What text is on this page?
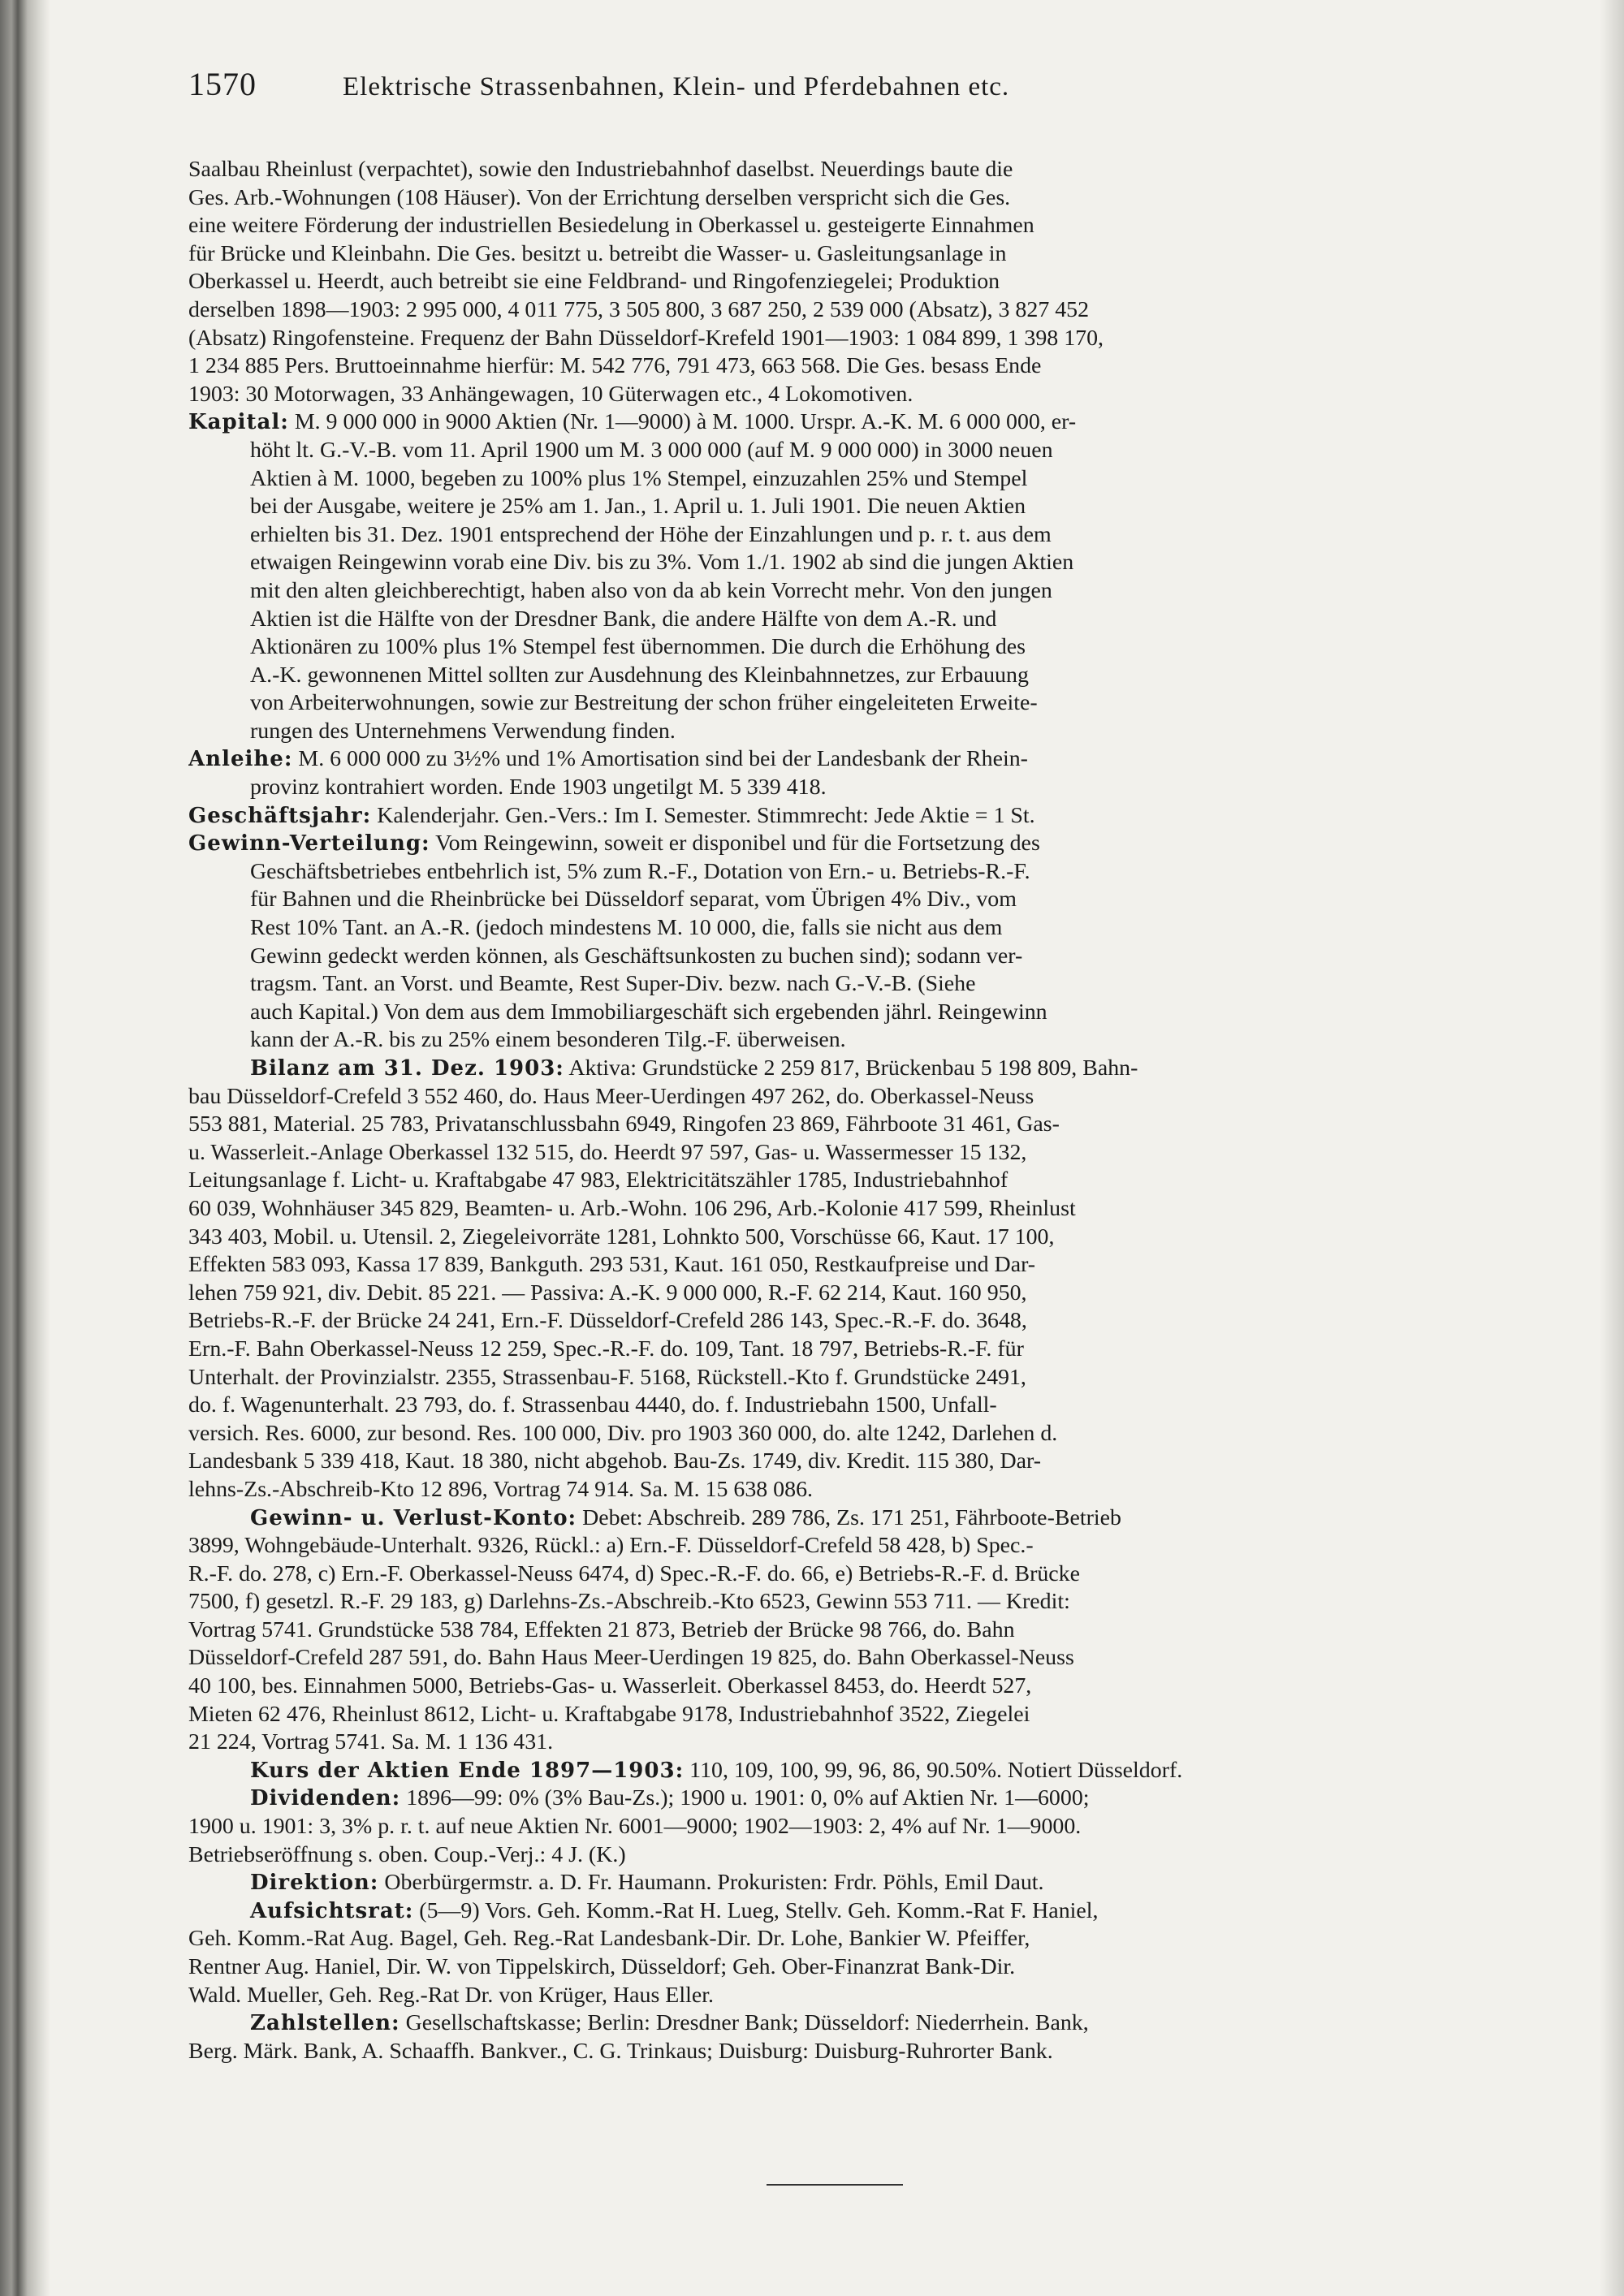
1570	Elektrische Strassenbahnen, Klein- und Pferdebahnen etc.
Saalbau Rheinlust (verpachtet), sowie den Industriebahnhof daselbst. Neuerdings baute die
Ges. Arb.-Wohnungen (108 Häuser). Von der Errichtung derselben verspricht sich die Ges.
eine weitere Förderung der industriellen Besiedelung in Oberkassel u. gesteigerte Einnahmen
für Brücke und Kleinbahn. Die Ges. besitzt u. betreibt die Wasser- u. Gasleitungsanlage in
Oberkassel u. Heerdt, auch betreibt sie eine Feldbrand- und Ringofenziegelei; Produktion
derselben 1898—1903: 2 995 000, 4 011 775, 3 505 800, 3 687 250, 2 539 000 (Absatz), 3 827 452
(Absatz) Ringofensteine. Frequenz der Bahn Düsseldorf-Krefeld 1901—1903: 1 084 899, 1 398 170,
1 234 885 Pers. Bruttoeinnahme hierfür: M. 542 776, 791 473, 663 568. Die Ges. besass Ende
1903: 30 Motorwagen, 33 Anhängewagen, 10 Güterwagen etc., 4 Lokomotiven.
Kapital: M. 9 000 000 in 9000 Aktien (Nr. 1—9000) à M. 1000. Urspr. A.-K. M. 6 000 000, er-
höht lt. G.-V.-B. vom 11. April 1900 um M. 3 000 000 (auf M. 9 000 000) in 3000 neuen
Aktien à M. 1000, begeben zu 100% plus 1% Stempel, einzuzahlen 25% und Stempel
bei der Ausgabe, weitere je 25% am 1. Jan., 1. April u. 1. Juli 1901. Die neuen Aktien
erhielten bis 31. Dez. 1901 entsprechend der Höhe der Einzahlungen und p. r. t. aus dem
etwaigen Reingewinn vorab eine Div. bis zu 3%. Vom 1./1. 1902 ab sind die jungen Aktien
mit den alten gleichberechtigt, haben also von da ab kein Vorrecht mehr. Von den jungen
Aktien ist die Hälfte von der Dresdner Bank, die andere Hälfte von dem A.-R. und
Aktionären zu 100% plus 1% Stempel fest übernommen. Die durch die Erhöhung des
A.-K. gewonnenen Mittel sollten zur Ausdehnung des Kleinbahnnetzes, zur Erbauung
von Arbeiterwohnungen, sowie zur Bestreitung der schon früher eingeleiteten Erweite-
rungen des Unternehmens Verwendung finden.
Anleihe: M. 6 000 000 zu 3½% und 1% Amortisation sind bei der Landesbank der Rhein-
provinz kontrahiert worden. Ende 1903 ungetilgt M. 5 339 418.
Geschäftsjahr: Kalenderjahr. Gen.-Vers.: Im I. Semester. Stimmrecht: Jede Aktie = 1 St.
Gewinn-Verteilung: Vom Reingewinn, soweit er disponibel und für die Fortsetzung des
Geschäftsbetriebes entbehrlich ist, 5% zum R.-F., Dotation von Ern.- u. Betriebs-R.-F.
für Bahnen und die Rheinbrücke bei Düsseldorf separat, vom Übrigen 4% Div., vom
Rest 10% Tant. an A.-R. (jedoch mindestens M. 10 000, die, falls sie nicht aus dem
Gewinn gedeckt werden können, als Geschäftsunkosten zu buchen sind); sodann ver-
tragsm. Tant. an Vorst. und Beamte, Rest Super-Div. bezw. nach G.-V.-B. (Siehe
auch Kapital.) Von dem aus dem Immobiliargeschäft sich ergebenden jährl. Reingewinn
kann der A.-R. bis zu 25% einem besonderen Tilg.-F. überweisen.
Bilanz am 31. Dez. 1903: Aktiva: Grundstücke 2 259 817, Brückenbau 5 198 809, Bahn-
bau Düsseldorf-Crefeld 3 552 460, do. Haus Meer-Uerdingen 497 262, do. Oberkassel-Neuss
553 881, Material. 25 783, Privatanschlussbahn 6949, Ringofen 23 869, Fährboote 31 461, Gas-
u. Wasserleit.-Anlage Oberkassel 132 515, do. Heerdt 97 597, Gas- u. Wassermesser 15 132,
Leitungsanlage f. Licht- u. Kraftabgabe 47 983, Elektricitätszähler 1785, Industriebahnhof
60 039, Wohnhäuser 345 829, Beamten- u. Arb.-Wohn. 106 296, Arb.-Kolonie 417 599, Rheinlust
343 403, Mobil. u. Utensil. 2, Ziegeleivorräte 1281, Lohnkto 500, Vorschüsse 66, Kaut. 17 100,
Effekten 583 093, Kassa 17 839, Bankguth. 293 531, Kaut. 161 050, Restkaufpreise und Dar-
lehen 759 921, div. Debit. 85 221. — Passiva: A.-K. 9 000 000, R.-F. 62 214, Kaut. 160 950,
Betriebs-R.-F. der Brücke 24 241, Ern.-F. Düsseldorf-Crefeld 286 143, Spec.-R.-F. do. 3648,
Ern.-F. Bahn Oberkassel-Neuss 12 259, Spec.-R.-F. do. 109, Tant. 18 797, Betriebs-R.-F. für
Unterhalt. der Provinzialstr. 2355, Strassenbau-F. 5168, Rückstell.-Kto f. Grundstücke 2491,
do. f. Wagenunterhalt. 23 793, do. f. Strassenbau 4440, do. f. Industriebahn 1500, Unfall-
versich. Res. 6000, zur besond. Res. 100 000, Div. pro 1903 360 000, do. alte 1242, Darlehen d.
Landesbank 5 339 418, Kaut. 18 380, nicht abgehob. Bau-Zs. 1749, div. Kredit. 115 380, Dar-
lehns-Zs.-Abschreib-Kto 12 896, Vortrag 74 914. Sa. M. 15 638 086.
Gewinn- u. Verlust-Konto: Debet: Abschreib. 289 786, Zs. 171 251, Fährboote-Betrieb
3899, Wohngebäude-Unterhalt. 9326, Rückl.: a) Ern.-F. Düsseldorf-Crefeld 58 428, b) Spec.-
R.-F. do. 278, c) Ern.-F. Oberkassel-Neuss 6474, d) Spec.-R.-F. do. 66, e) Betriebs-R.-F. d. Brücke
7500, f) gesetzl. R.-F. 29 183, g) Darlehns-Zs.-Abschreib.-Kto 6523, Gewinn 553 711. — Kredit:
Vortrag 5741. Grundstücke 538 784, Effekten 21 873, Betrieb der Brücke 98 766, do. Bahn
Düsseldorf-Crefeld 287 591, do. Bahn Haus Meer-Uerdingen 19 825, do. Bahn Oberkassel-Neuss
40 100, bes. Einnahmen 5000, Betriebs-Gas- u. Wasserleit. Oberkassel 8453, do. Heerdt 527,
Mieten 62 476, Rheinlust 8612, Licht- u. Kraftabgabe 9178, Industriebahnhof 3522, Ziegelei
21 224, Vortrag 5741. Sa. M. 1 136 431.
Kurs der Aktien Ende 1897—1903: 110, 109, 100, 99, 96, 86, 90.50%. Notiert Düsseldorf.
Dividenden: 1896—99: 0% (3% Bau-Zs.); 1900 u. 1901: 0, 0% auf Aktien Nr. 1—6000;
1900 u. 1901: 3, 3% p. r. t. auf neue Aktien Nr. 6001—9000; 1902—1903: 2, 4% auf Nr. 1—9000.
Betriebseröffnung s. oben. Coup.-Verj.: 4 J. (K.)
Direktion: Oberbürgermstr. a. D. Fr. Haumann. Prokuristen: Frdr. Pöhls, Emil Daut.
Aufsichtsrat: (5—9) Vors. Geh. Komm.-Rat H. Lueg, Stellv. Geh. Komm.-Rat F. Haniel,
Geh. Komm.-Rat Aug. Bagel, Geh. Reg.-Rat Landesbank-Dir. Dr. Lohe, Bankier W. Pfeiffer,
Rentner Aug. Haniel, Dir. W. von Tippelskirch, Düsseldorf; Geh. Ober-Finanzrat Bank-Dir.
Wald. Mueller, Geh. Reg.-Rat Dr. von Krüger, Haus Eller.
Zahlstellen: Gesellschaftskasse; Berlin: Dresdner Bank; Düsseldorf: Niederrhein. Bank,
Berg. Märk. Bank, A. Schaaffh. Bankver., C. G. Trinkaus; Duisburg: Duisburg-Ruhrorter Bank.
